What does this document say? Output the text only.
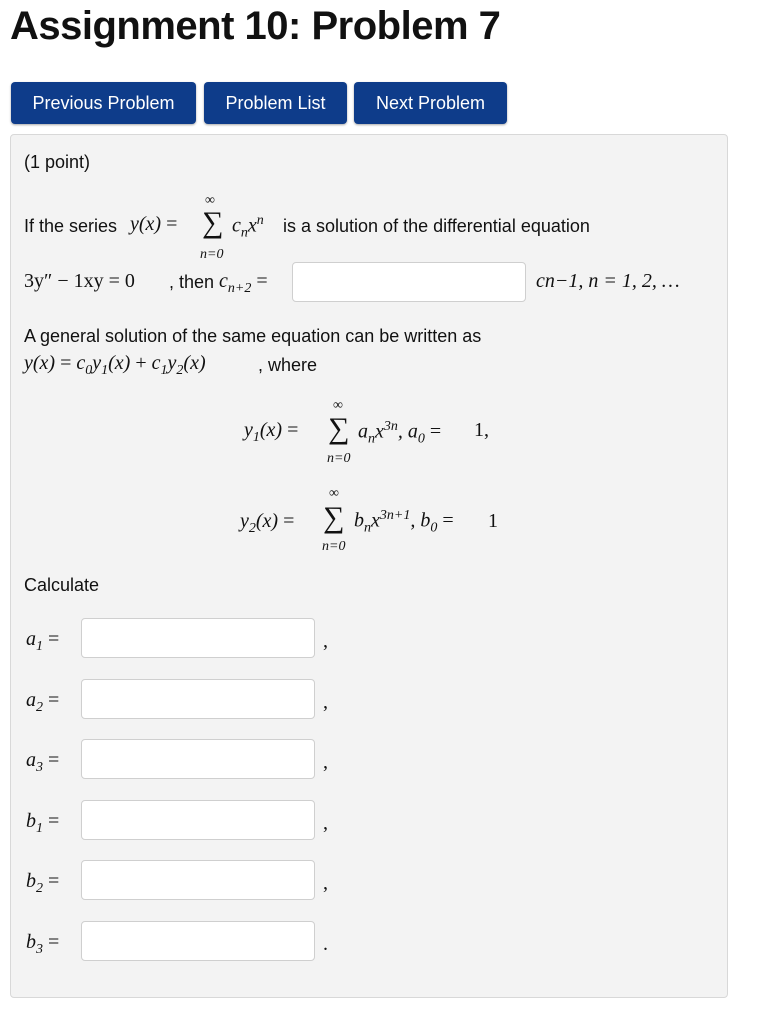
Assignment 10: Problem 7
Previous Problem	Problem List	Next Problem
(1 point)
If the series y(x) =
∞
∑
n=0
$c_nx^n$ is a solution of the differential equation
3y″ − 1xy = 0 , then $c_{n+2}$ =	cn−1, n = 1, 2, …
A general solution of the same equation can be written as
$y(x) = c_0y_1(x) + c_1y_2(x)$	, where
$y_1(x)$ =
∞
∑
n=0
$a_nx^{3n}$, $a_0 = 1$,
$y_2(x)$ =
∞
∑
n=0
$b_nx^{3n+1}$, $b_0 = 1$
Calculate
$a_1$ =	,
$a_2$ =	,
$a_3$ =	,
$b_1$ =	,
$b_2$ =	,
$b_3$ =	.
